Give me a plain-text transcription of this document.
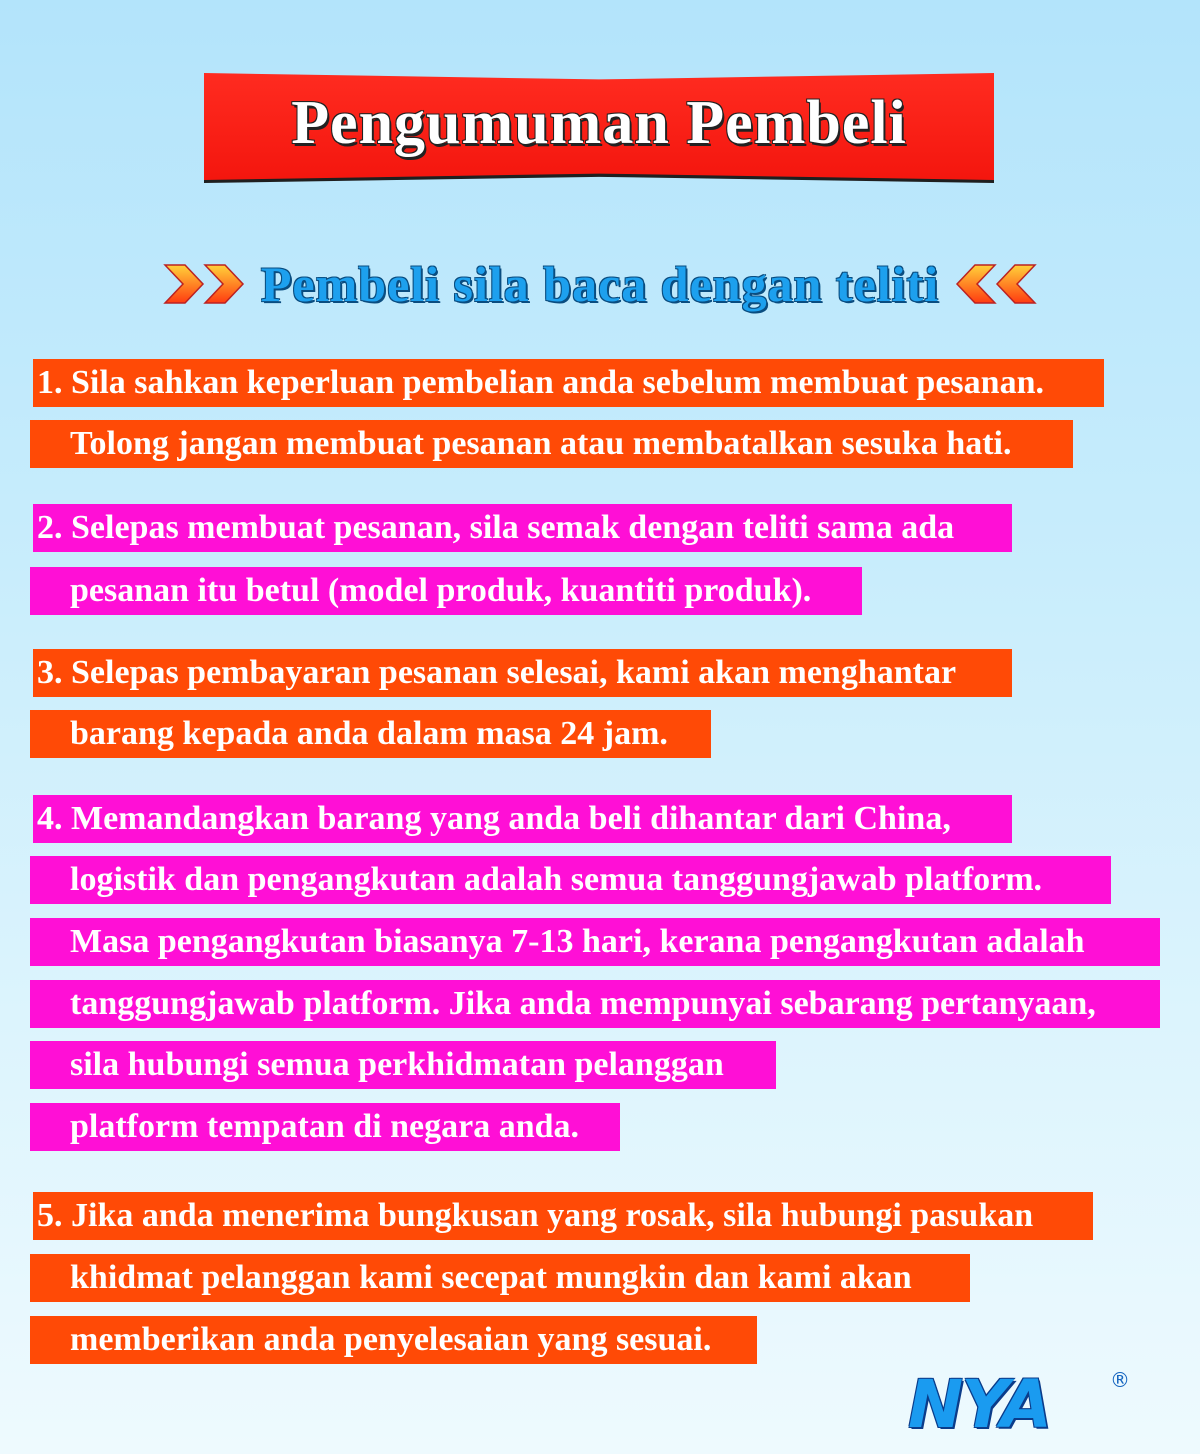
Pengumuman Pembeli
Pembeli sila baca dengan teliti
1. Sila sahkan keperluan pembelian anda sebelum membuat pesanan.
Tolong jangan membuat pesanan atau membatalkan sesuka hati.
2. Selepas membuat pesanan, sila semak dengan teliti sama ada
pesanan itu betul (model produk, kuantiti produk).
3. Selepas pembayaran pesanan selesai, kami akan menghantar
barang kepada anda dalam masa 24 jam.
4. Memandangkan barang yang anda beli dihantar dari China,
logistik dan pengangkutan adalah semua tanggungjawab platform.
Masa pengangkutan biasanya 7-13 hari, kerana pengangkutan adalah
tanggungjawab platform. Jika anda mempunyai sebarang pertanyaan,
sila hubungi semua perkhidmatan pelanggan
platform tempatan di negara anda.
5. Jika anda menerima bungkusan yang rosak, sila hubungi pasukan
khidmat pelanggan kami secepat mungkin dan kami akan
memberikan anda penyelesaian yang sesuai.
NYA	®
